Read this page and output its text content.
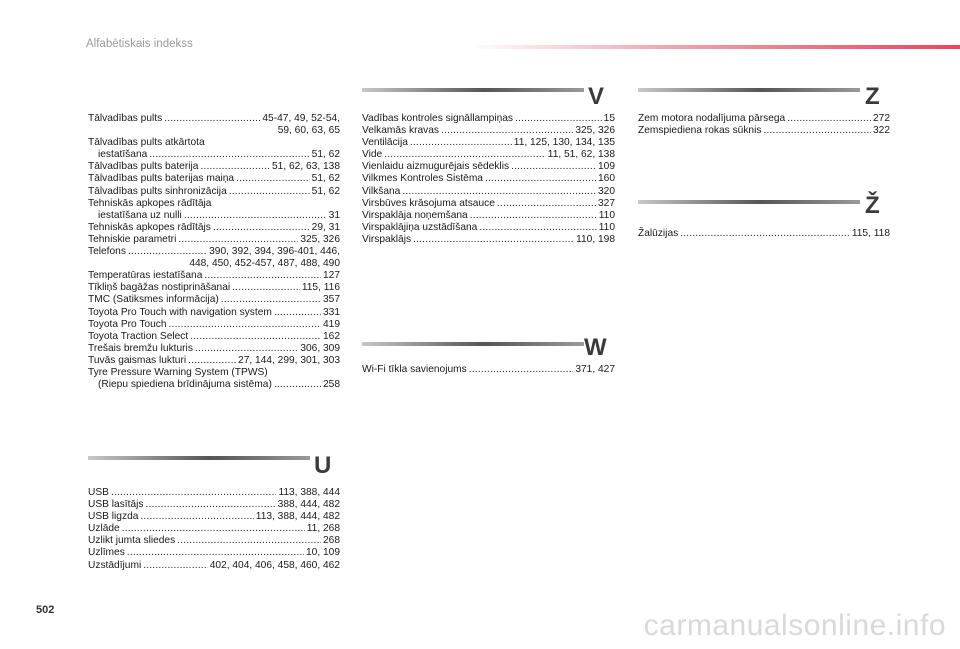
Alfabētiskais indekss
Tālvadības pults .....	45-47, 49, 52-54,
59, 60, 63, 65
Tālvadības pults atkārtota
iestatīšana .....	51, 62
Tālvadības pults baterija .....	51, 62, 63, 138
Tālvadības pults baterijas maiņa .....	51, 62
Tālvadības pults sinhronizācija .....	51, 62
Tehniskās apkopes rādītāja
iestatīšana uz nulli .....	31
Tehniskās apkopes rādītājs .....	29, 31
Tehniskie parametri .....	325, 326
Telefons .....	390, 392, 394, 396-401, 446,
448, 450, 452-457, 487, 488, 490
Temperatūras iestatīšana .....	127
Tīkliņš bagāžas nostiprināšanai .....	115, 116
TMC (Satiksmes informācija) .....	357
Toyota Pro Touch with navigation system .....	331
Toyota Pro Touch .....	419
Toyota Traction Select .....	162
Trešais bremžu lukturis .....	306, 309
Tuvās gaismas lukturi .....	27, 144, 299, 301, 303
Tyre Pressure Warning System (TPWS)
(Riepu spiediena brīdinājuma sistēma) .....	258
U
USB .....	113, 388, 444
USB lasītājs .....	388, 444, 482
USB ligzda .....	113, 388, 444, 482
Uzlāde .....	11, 268
Uzlikt jumta sliedes .....	268
Uzlīmes .....	10, 109
Uzstādījumi .....	402, 404, 406, 458, 460, 462
V
Vadības kontroles signāllampiņas .....	15
Velkamās kravas .....	325, 326
Ventilācija .....	11, 125, 130, 134, 135
Vide .....	11, 51, 62, 138
Vienlaidu aizmugurējais sēdeklis .....	109
Vilkmes Kontroles Sistēma .....	160
Vilkšana .....	320
Virsbūves krāsojuma atsauce .....	327
Virspaklāja noņemšana .....	110
Virspaklājiņa uzstādīšana .....	110
Virspaklājs .....	110, 198
W
Wi-Fi tīkla savienojums .....	371, 427
Z
Zem motora nodalījuma pārsega .....	272
Zemspiediena rokas sūknis .....	322
Ž
Žalūzijas .....	115, 118
502	carmanualsonline.info
